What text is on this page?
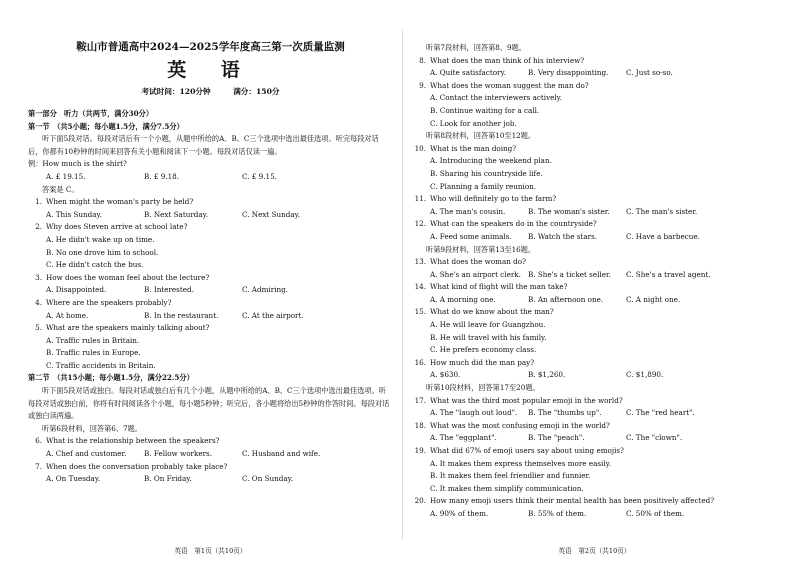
鞍山市普通高中2024—2025学年度高三第一次质量监测
英 语
考试时间：120分钟	满分：150分
第一部分　听力（共两节，满分30分）
第一节　（共5小题；每小题1.5分，满分7.5分）
听下面5段对话。每段对话后有一个小题，从题中所给的A、B、C三个选项中选出最佳选项。听完每段对话后，你都有10秒钟的时间来回答有关小题和阅读下一小题。每段对话仅读一遍。
例：How much is the shirt?
A. £ 19.15.	B. £ 9.18.	C. £ 9.15.
答案是 C。
1. When might the woman's party be held?
A. This Sunday.	B. Next Saturday.	C. Next Sunday.
2. Why does Steven arrive at school late?
A. He didn't wake up on time.
B. No one drove him to school.
C. He didn't catch the bus.
3. How does the woman feel about the lecture?
A. Disappointed.	B. Interested.	C. Admiring.
4. Where are the speakers probably?
A. At home.	B. In the restaurant.	C. At the airport.
5. What are the speakers mainly talking about?
A. Traffic rules in Britain.
B. Traffic rules in Europe.
C. Traffic accidents in Britain.
第二节　（共15小题；每小题1.5分，满分22.5分）
听下面5段对话或独白。每段对话或独白后有几个小题，从题中所给的A、B、C三个选项中选出最佳选项。听每段对话或独白前，你将有时间阅读各个小题，每小题5秒钟；听完后，各小题将给出5秒钟的作答时间。每段对话或独白读两遍。
听第6段材料，回答第6、7题。
6. What is the relationship between the speakers?
A. Chef and customer.	B. Fellow workers.	C. Husband and wife.
7. When does the conversation probably take place?
A. On Tuesday.	B. On Friday.	C. On Sunday.
英语　第1页（共10页）
听第7段材料，回答第8、9题。
8. What does the man think of his interview?
A. Quite satisfactory.	B. Very disappointing.	C. Just so-so.
9. What does the woman suggest the man do?
A. Contact the interviewers actively.
B. Continue waiting for a call.
C. Look for another job.
听第8段材料，回答第10至12题。
10. What is the man doing?
A. Introducing the weekend plan.
B. Sharing his countryside life.
C. Planning a family reunion.
11. Who will definitely go to the farm?
A. The man's cousin.	B. The woman's sister.	C. The man's sister.
12. What can the speakers do in the countryside?
A. Feed some animals.	B. Watch the stars.	C. Have a barbecue.
听第9段材料，回答第13至16题。
13. What does the woman do?
A. She's an airport clerk. B. She's a ticket seller.	C. She's a travel agent.
14. What kind of flight will the man take?
A. A morning one.	B. An afternoon one.	C. A night one.
15. What do we know about the man?
A. He will leave for Guangzhou.
B. He will travel with his family.
C. He prefers economy class.
16. How much did the man pay?
A. $630.	B. $1,260.	C. $1,890.
听第10段材料，回答第17至20题。
17. What was the third most popular emoji in the world?
A. The "laugh out loud".	B. The "thumbs up".	C. The "red heart".
18. What was the most confusing emoji in the world?
A. The "eggplant".	B. The "peach".	C. The "clown".
19. What did 67% of emoji users say about using emojis?
A. It makes them express themselves more easily.
B. It makes them feel friendlier and funnier.
C. It makes them simplify communication.
20. How many emoji users think their mental health has been positively affected?
A. 90% of them.	B. 55% of them.	C. 50% of them.
英语　第2页（共10页）
